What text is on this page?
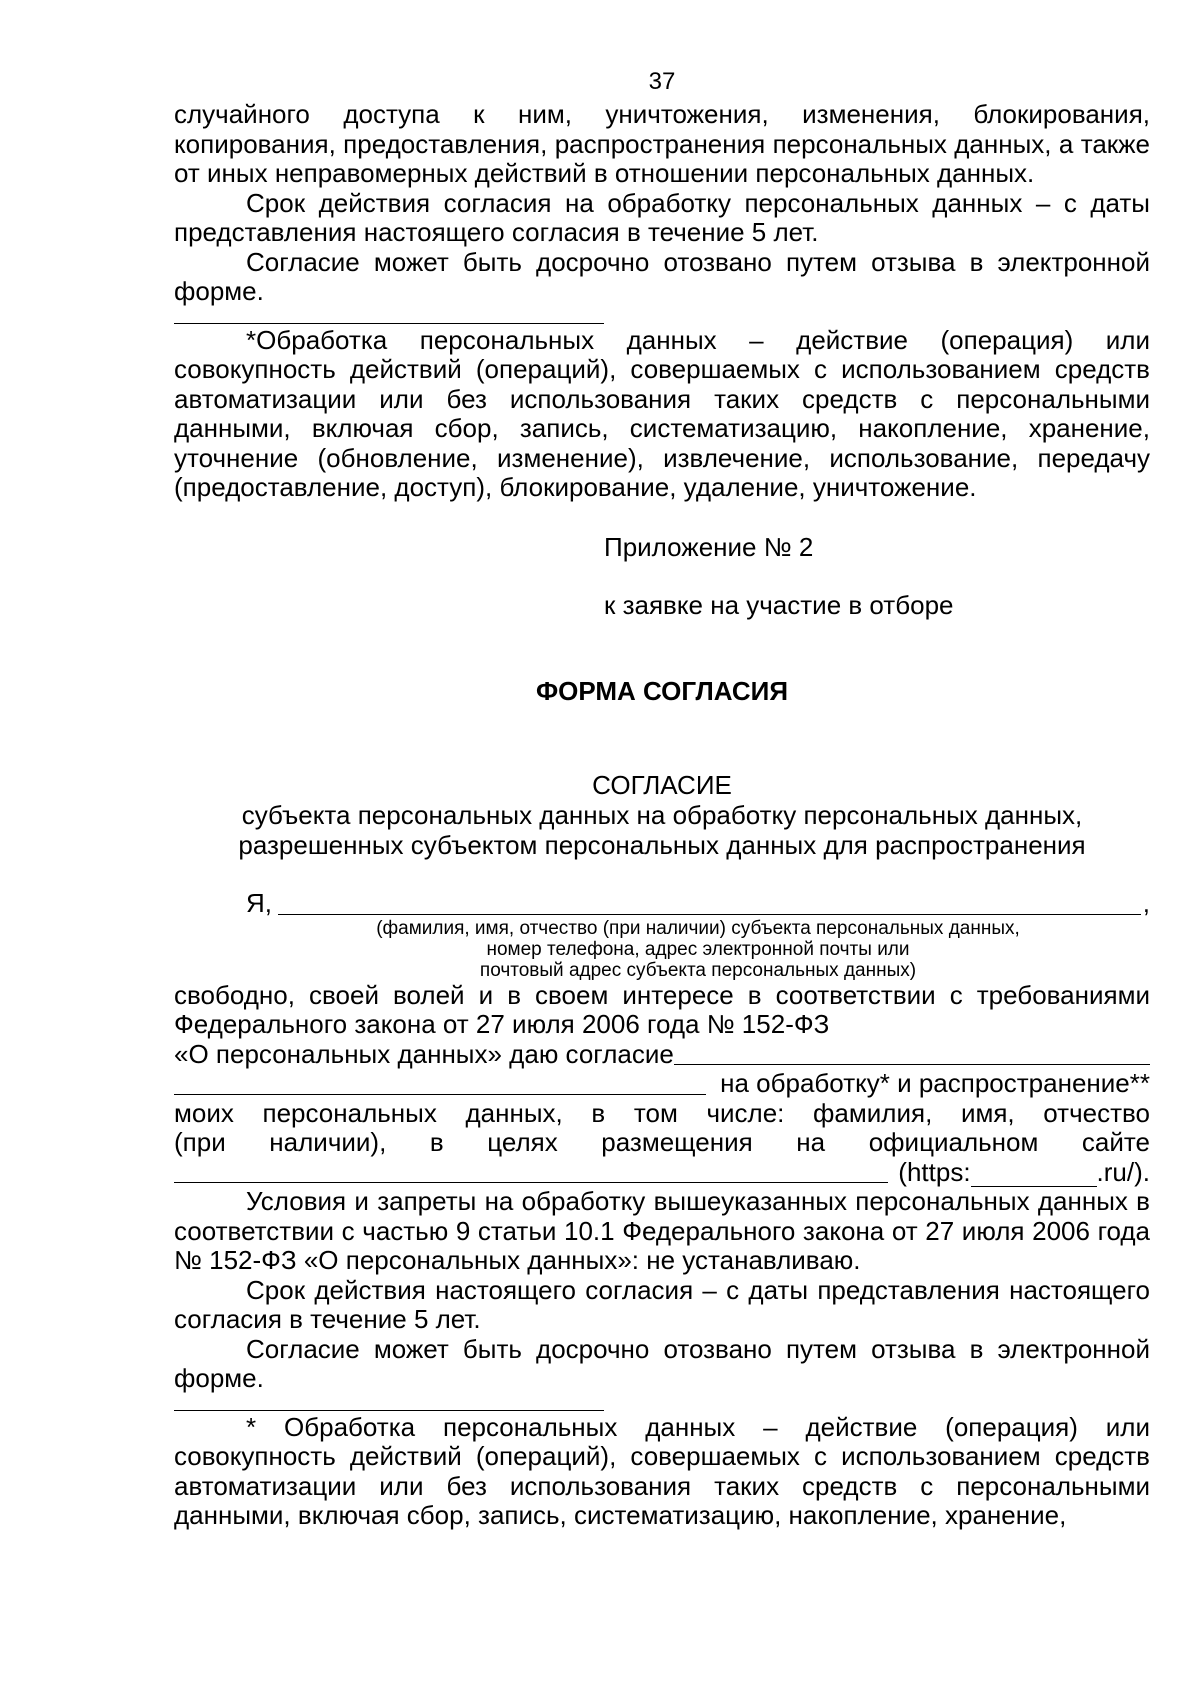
37

случайного доступа к ним, уничтожения, изменения, блокирования, копирования, предоставления, распространения персональных данных, а также от иных неправомерных действий в отношении персональных данных.

Срок действия согласия на обработку персональных данных – с даты представления настоящего согласия в течение 5 лет.

Согласие может быть досрочно отозвано путем отзыва в электронной форме.

*Обработка персональных данных – действие (операция) или совокупность действий (операций), совершаемых с использованием средств автоматизации или без использования таких средств с персональными данными, включая сбор, запись, систематизацию, накопление, хранение, уточнение (обновление, изменение), извлечение, использование, передачу (предоставление, доступ), блокирование, удаление, уничтожение.

Приложение № 2
к заявке на участие в отборе
ФОРМА СОГЛАСИЯ
СОГЛАСИЕ
субъекта персональных данных на обработку персональных данных,
разрешенных субъектом персональных данных для распространения
Я,	,
(фамилия, имя, отчество (при наличии) субъекта персональных данных,
номер телефона, адрес электронной почты или
почтовый адрес субъекта персональных данных)

свободно, своей волей и в своем интересе в соответствии с требованиями Федерального закона от 27 июля 2006 года № 152-ФЗ

«О персональных данных» даю согласие
на обработку* и распространение**

моих персональных данных, в том числе: фамилия, имя, отчество

(при наличии), в целях размещения на официальном сайте

(https:	.ru/).

Условия и запреты на обработку вышеуказанных персональных данных в соответствии с частью 9 статьи 10.1 Федерального закона от 27 июля 2006 года № 152-ФЗ «О персональных данных»: не устанавливаю.

Срок действия настоящего согласия – с даты представления настоящего согласия в течение 5 лет.

Согласие может быть досрочно отозвано путем отзыва в электронной форме.

* Обработка персональных данных – действие (операция) или совокупность действий (операций), совершаемых с использованием средств автоматизации или без использования таких средств с персональными данными, включая сбор, запись, систематизацию, накопление, хранение,
